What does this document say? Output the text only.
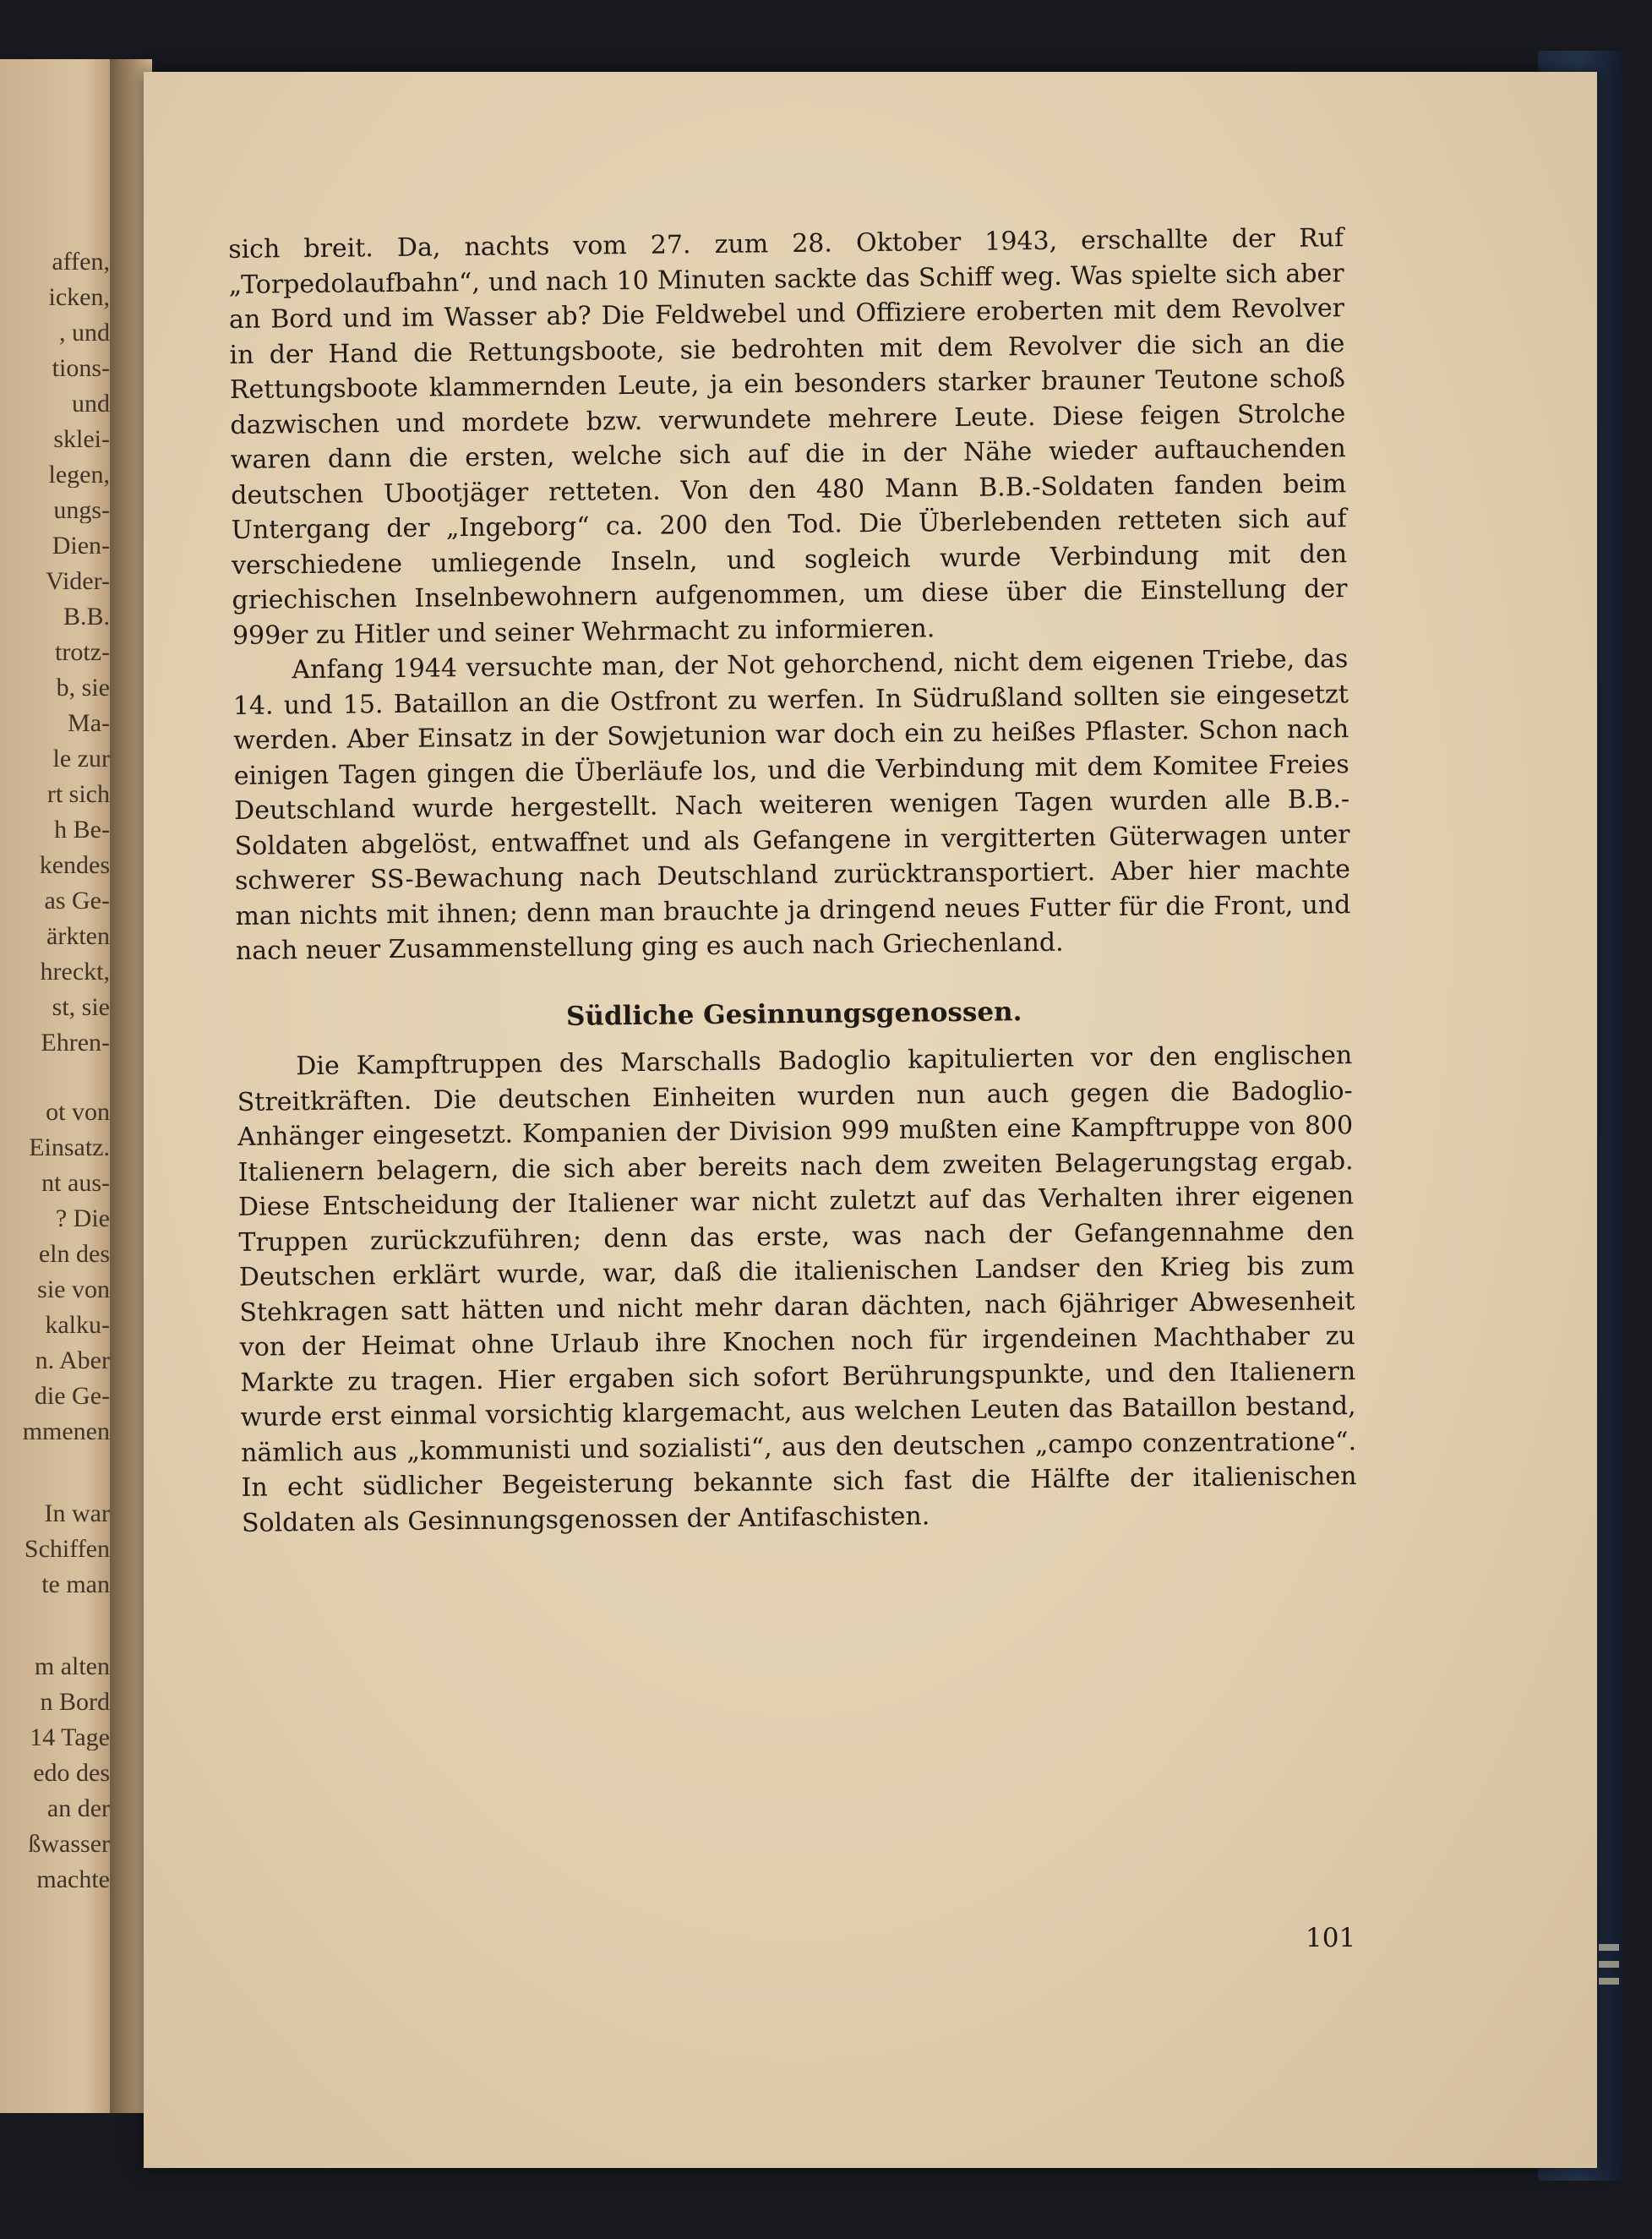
affen,
icken,
, und
tions-
und
sklei-
legen,
ungs-
Dien-
Vider-
B.B.
trotz-
b, sie
Ma-
le zur
rt sich
h Be-
kendes
as Ge-
ärkten
hreckt,
st, sie
Ehren-
ot von
Einsatz.
nt aus-
? Die
eln des
sie von
kalku-
n. Aber
die Ge-
mmenen
In war
Schiffen
te man
m alten
n Bord
14 Tage
edo des
an der
ßwasser
machte

sich breit. Da, nachts vom 27. zum 28. Oktober 1943, erschallte der Ruf „Torpedolaufbahn“, und nach 10 Minuten sackte das Schiff weg. Was spielte sich aber an Bord und im Wasser ab? Die Feldwebel und Offiziere eroberten mit dem Revolver in der Hand die Rettungsboote, sie bedrohten mit dem Revolver die sich an die Rettungsboote klammernden Leute, ja ein besonders starker brauner Teutone schoß dazwischen und mordete bzw. verwundete mehrere Leute. Diese feigen Strolche waren dann die ersten, welche sich auf die in der Nähe wieder auftauchenden deutschen Ubootjäger retteten. Von den 480 Mann B.B.-Soldaten fanden beim Untergang der „Ingeborg“ ca. 200 den Tod. Die Überlebenden retteten sich auf verschiedene umliegende Inseln, und sogleich wurde Verbindung mit den griechischen Inselnbewohnern aufgenommen, um diese über die Einstellung der 999er zu Hitler und seiner Wehrmacht zu informieren.

Anfang 1944 versuchte man, der Not gehorchend, nicht dem eigenen Triebe, das 14. und 15. Bataillon an die Ostfront zu werfen. In Südrußland sollten sie eingesetzt werden. Aber Einsatz in der Sowjetunion war doch ein zu heißes Pflaster. Schon nach einigen Tagen gingen die Überläufe los, und die Verbindung mit dem Komitee Freies Deutschland wurde hergestellt. Nach weiteren wenigen Tagen wurden alle B.B.-Soldaten abgelöst, entwaffnet und als Gefangene in vergitterten Güterwagen unter schwerer SS-Bewachung nach Deutschland zurücktransportiert. Aber hier machte man nichts mit ihnen; denn man brauchte ja dringend neues Futter für die Front, und nach neuer Zusammenstellung ging es auch nach Griechenland.

Südliche Gesinnungsgenossen.

Die Kampftruppen des Marschalls Badoglio kapitulierten vor den englischen Streitkräften. Die deutschen Einheiten wurden nun auch gegen die Badoglio-Anhänger eingesetzt. Kompanien der Division 999 mußten eine Kampftruppe von 800 Italienern belagern, die sich aber bereits nach dem zweiten Belagerungstag ergab. Diese Entscheidung der Italiener war nicht zuletzt auf das Verhalten ihrer eigenen Truppen zurückzuführen; denn das erste, was nach der Gefangennahme den Deutschen erklärt wurde, war, daß die italienischen Landser den Krieg bis zum Stehkragen satt hätten und nicht mehr daran dächten, nach 6jähriger Abwesenheit von der Heimat ohne Urlaub ihre Knochen noch für irgendeinen Machthaber zu Markte zu tragen. Hier ergaben sich sofort Berührungspunkte, und den Italienern wurde erst einmal vorsichtig klargemacht, aus welchen Leuten das Bataillon bestand, nämlich aus „kommunisti und sozialisti“, aus den deutschen „campo conzentratione“. In echt südlicher Begeisterung bekannte sich fast die Hälfte der italienischen Soldaten als Gesinnungsgenossen der Antifaschisten.

101
